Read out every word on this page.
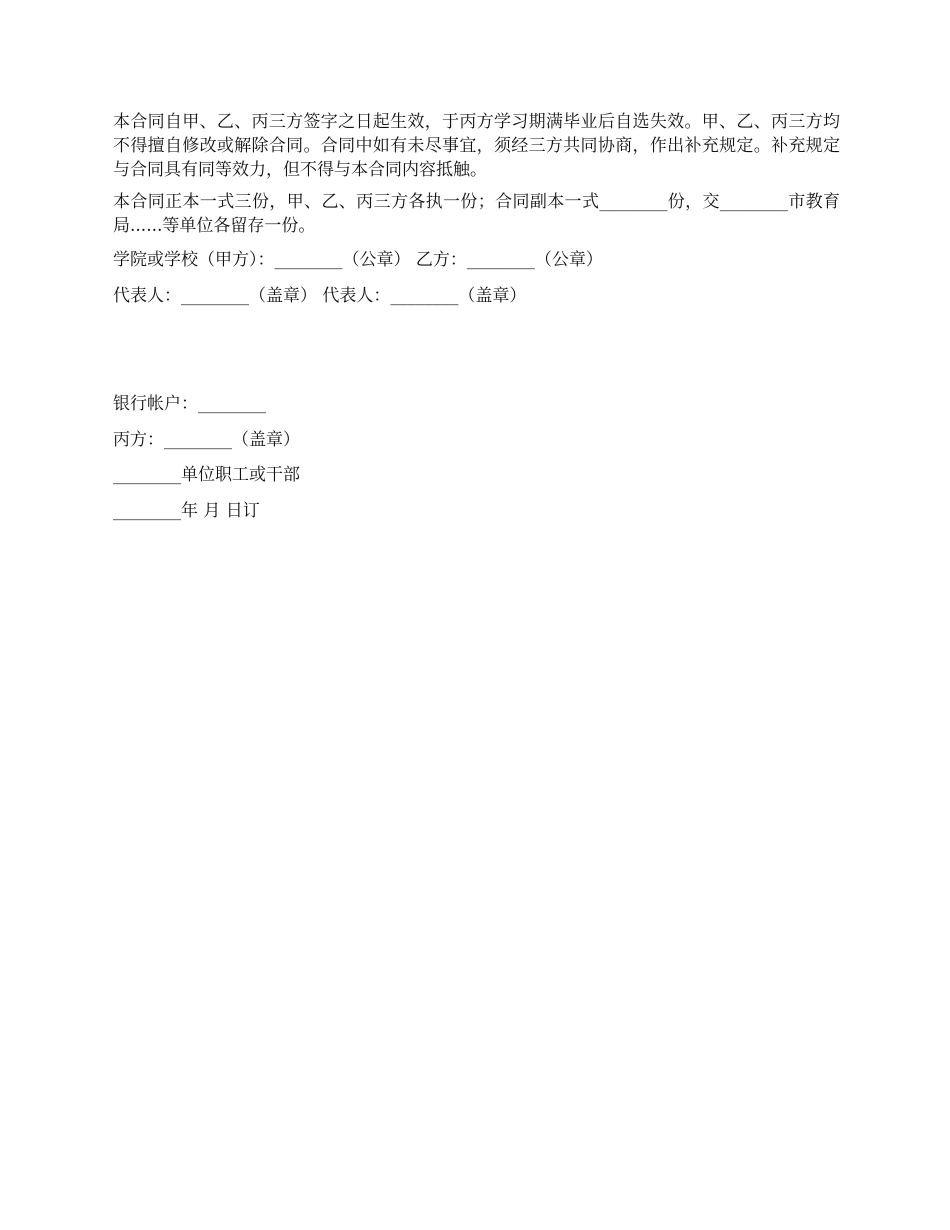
本合同自甲、乙、丙三方签字之日起生效，于丙方学习期满毕业后自选失效。甲、乙、丙三方均不得擅自修改或解除合同。合同中如有未尽事宜，须经三方共同协商，作出补充规定。补充规定与合同具有同等效力，但不得与本合同内容抵触。

本合同正本一式三份，甲、乙、丙三方各执一份；合同副本一式________份，交________市教育局......等单位各留存一份。

学院或学校（甲方）：________（公章） 乙方：________（公章）

代表人：________（盖章） 代表人：________（盖章）

银行帐户：________

丙方：________（盖章）

________单位职工或干部

________年 月 日订
